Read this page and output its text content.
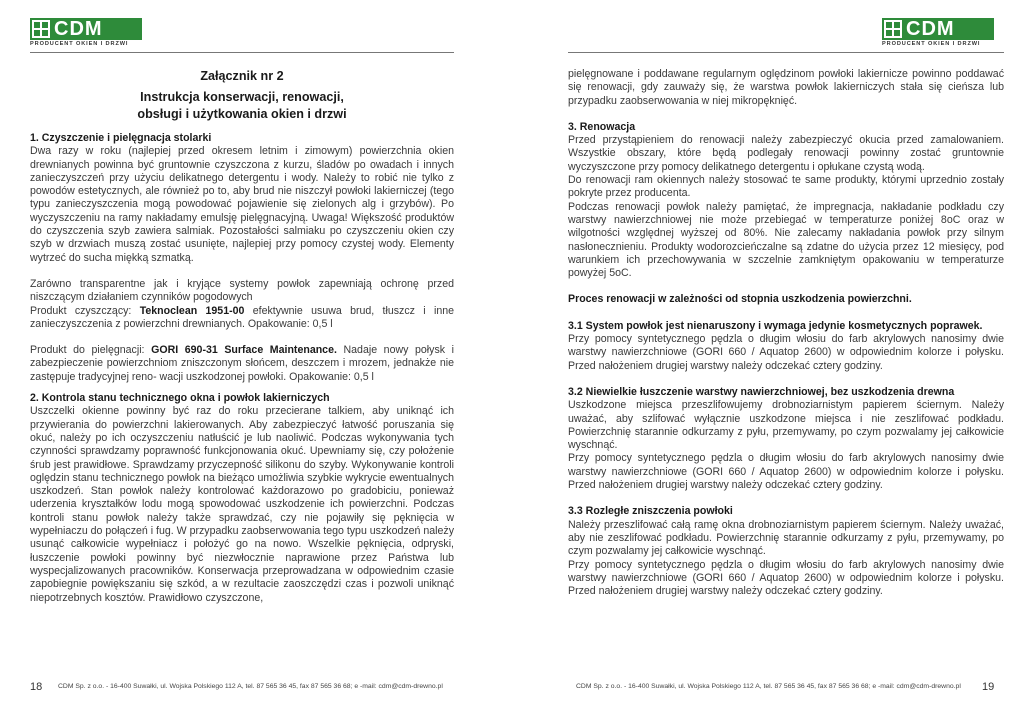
CDM
PRODUCENT OKIEN I DRZWI
Załącznik nr 2
Instrukcja konserwacji, renowacji,
obsługi i użytkowania okien i drzwi
1. Czyszczenie i pielęgnacja stolarki

Dwa razy w roku (najlepiej przed okresem letnim i zimowym) powierzchnia okien drewnianych powinna być gruntownie czyszczona z kurzu, śladów po owadach i innych zanieczyszczeń przy użyciu delikatnego detergentu i wody. Należy to robić nie tylko z powodów estetycznych, ale również po to, aby brud nie niszczył powłoki lakierniczej (tego typu zanieczyszczenia mogą powodować pojawienie się zielonych alg i grzybów). Po wyczyszczeniu na ramy nakładamy emulsję pielęgnacyjną. Uwaga! Większość produktów do czyszczenia szyb zawiera salmiak. Pozostałości salmiaku po czyszczeniu okien czy szyb w drzwiach muszą zostać usunięte, najlepiej przy pomocy czystej wody. Elementy wytrzeć do sucha miękką szmatką.

Zarówno transparentne jak i kryjące systemy powłok zapewniają ochronę przed niszczącym działaniem czynników pogodowych

Produkt czyszczący: Teknoclean 1951-00 efektywnie usuwa brud, tłuszcz i inne zanieczyszczenia z powierzchni drewnianych. Opakowanie: 0,5 l

Produkt do pielęgnacji: GORI 690-31 Surface Maintenance. Nadaje nowy połysk i zabezpieczenie powierzchniom zniszczonym słońcem, deszczem i mrozem, jednakże nie zastępuje tradycyjnej reno- wacji uszkodzonej powłoki. Opakowanie: 0,5 l

2. Kontrola stanu technicznego okna i powłok lakierniczych

Uszczelki okienne powinny być raz do roku przecierane talkiem, aby uniknąć ich przywierania do powierzchni lakierowanych. Aby zabezpieczyć łatwość poruszania się okuć, należy po ich oczyszczeniu natłuścić je lub naoliwić. Podczas wykonywania tych czynności sprawdzamy poprawność funkcjonowania okuć. Upewniamy się, czy położenie śrub jest prawidłowe. Sprawdzamy przyczepność silikonu do szyby. Wykonywanie kontroli oględzin stanu technicznego powłok na bieżąco umożliwia szybkie wykrycie ewentualnych uszkodzeń. Stan powłok należy kontrolować każdorazowo po gradobiciu, ponieważ uderzenia kryształków lodu mogą spowodować uszkodzenie ich powierzchni. Podczas kontroli stanu powłok należy także sprawdzać, czy nie pojawiły się pęknięcia w wypełniaczu do połączeń i fug. W przypadku zaobserwowania tego typu uszkodzeń należy usunąć całkowicie wypełniacz i położyć go na nowo. Wszelkie pęknięcia, odpryski, łuszczenie powłoki powinny być niezwłocznie naprawione przez Państwa lub wyspecjalizowanych pracowników. Konserwacja przeprowadzana w odpowiednim czasie zapobiegnie powiększaniu się szkód, a w rezultacie zaoszczędzi czas i pozwoli uniknąć niepotrzebnych kosztów. Prawidłowo czyszczone,

18 CDM Sp. z o.o. - 16-400 Suwałki, ul. Wojska Polskiego 112 A, tel. 87 565 36 45, fax 87 565 36 68; e -mail: cdm@cdm-drewno.pl
CDM
PRODUCENT OKIEN I DRZWI

pielęgnowane i poddawane regularnym oględzinom powłoki lakiernicze powinno poddawać się renowacji, gdy zauważy się, że warstwa powłok lakierniczych stała się cieńsza lub przypadku zaobserwowania w niej mikropęknięć.

3. Renowacja

Przed przystąpieniem do renowacji należy zabezpieczyć okucia przed zamalowaniem. Wszystkie obszary, które będą podlegały renowacji powinny zostać gruntownie wyczyszczone przy pomocy delikatnego detergentu i opłukane czystą wodą.

Do renowacji ram okiennych należy stosować te same produkty, którymi uprzednio zostały pokryte przez producenta.

Podczas renowacji powłok należy pamiętać, że impregnacja, nakładanie podkładu czy warstwy nawierzchniowej nie może przebiegać w temperaturze poniżej 8oC oraz w wilgotności względnej wyższej od 80%. Nie zalecamy nakładania powłok przy silnym nasłonecznieniu. Produkty wodorozcieńczalne są zdatne do użycia przez 12 miesięcy, pod warunkiem ich przechowywania w szczelnie zamkniętym opakowaniu w temperaturze powyżej 5oC.

Proces renowacji w zależności od stopnia uszkodzenia powierzchni.
3.1 System powłok jest nienaruszony i wymaga jedynie kosmetycznych poprawek.

Przy pomocy syntetycznego pędzla o długim włosiu do farb akrylowych nanosimy dwie warstwy nawierzchniowe (GORI 660 / Aquatop 2600) w odpowiednim kolorze i połysku. Przed nałożeniem drugiej warstwy należy odczekać cztery godziny.

3.2 Niewielkie łuszczenie warstwy nawierzchniowej, bez uszkodzenia drewna

Uszkodzone miejsca przeszlifowujemy drobnoziarnistym papierem ściernym. Należy uważać, aby szlifować wyłącznie uszkodzone miejsca i nie zeszlifować podkładu. Powierzchnię starannie odkurzamy z pyłu, przemywamy, po czym pozwalamy jej całkowicie wyschnąć.

Przy pomocy syntetycznego pędzla o długim włosiu do farb akrylowych nanosimy dwie warstwy nawierzchniowe (GORI 660 / Aquatop 2600) w odpowiednim kolorze i połysku. Przed nałożeniem drugiej warstwy należy odczekać cztery godziny.

3.3 Rozległe zniszczenia powłoki

Należy przeszlifować całą ramę okna drobnoziarnistym papierem ściernym. Należy uważać, aby nie zeszlifować podkładu. Powierzchnię starannie odkurzamy z pyłu, przemywamy, po czym pozwalamy jej całkowicie wyschnąć.

Przy pomocy syntetycznego pędzla o długim włosiu do farb akrylowych nanosimy dwie warstwy nawierzchniowe (GORI 660 / Aquatop 2600) w odpowiednim kolorze i połysku. Przed nałożeniem drugiej warstwy należy odczekać cztery godziny.

CDM Sp. z o.o. - 16-400 Suwałki, ul. Wojska Polskiego 112 A, tel. 87 565 36 45, fax 87 565 36 68; e -mail: cdm@cdm-drewno.pl 19
